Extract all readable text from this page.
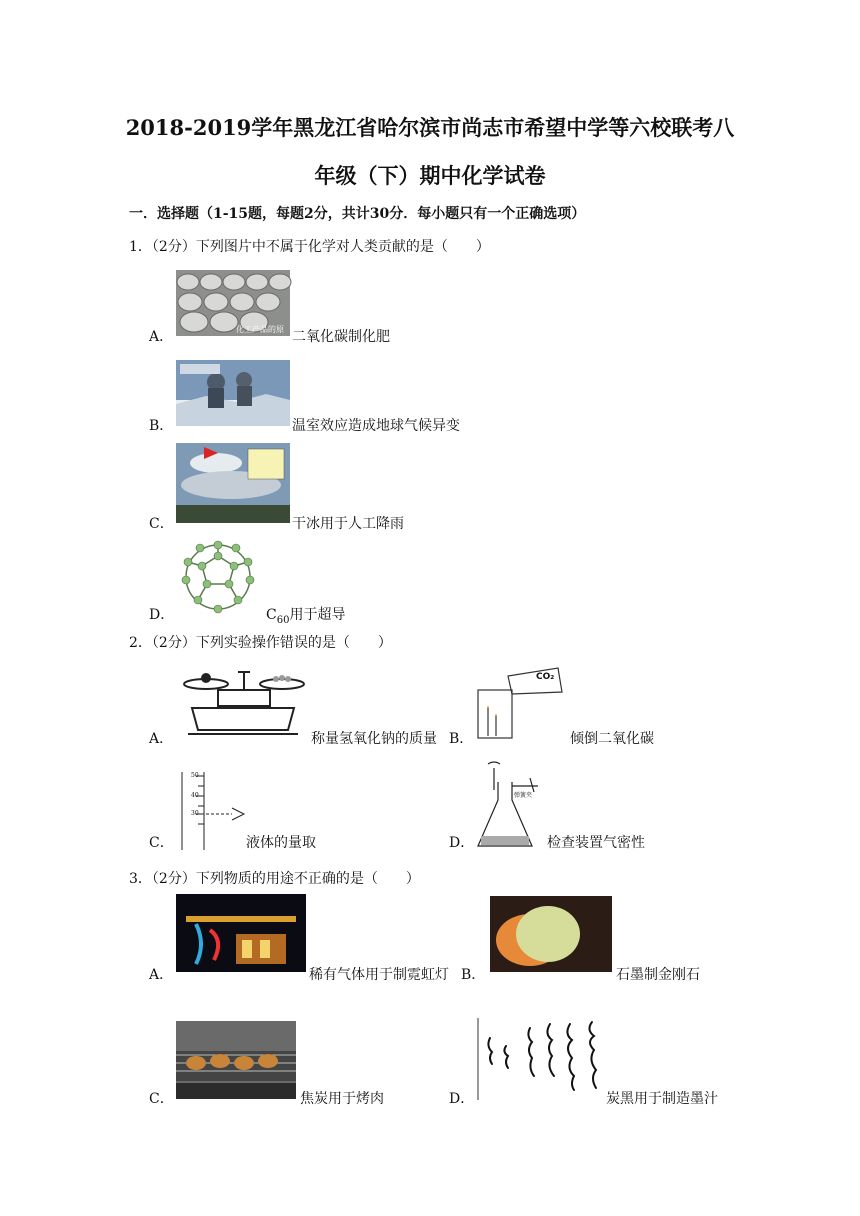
2018-2019学年黑龙江省哈尔滨市尚志市希望中学等六校联考八
年级（下）期中化学试卷
一．选择题（1-15题，每题2分，共计30分．每小题只有一个正确选项）
1．（2分）下列图片中不属于化学对人类贡献的是（　　）
A．	化工产品的原料	二氧化碳制化肥
B．	温室效应造成地球气候异变
C．	干冰用于人工降雨
D．	$C_{60}$用于超导
2．（2分）下列实验操作错误的是（　　）
A．	称量氢氧化钠的质量 B．
CO₂
倾倒二氧化碳
C．
50
40
30
液体的量取	D．
弹簧夹
检查装置气密性
3．（2分）下列物质的用途不正确的是（　　）
A．	稀有气体用于制霓虹灯 B．	石墨制金刚石
C．	焦炭用于烤肉	D．	炭黑用于制造墨汁
